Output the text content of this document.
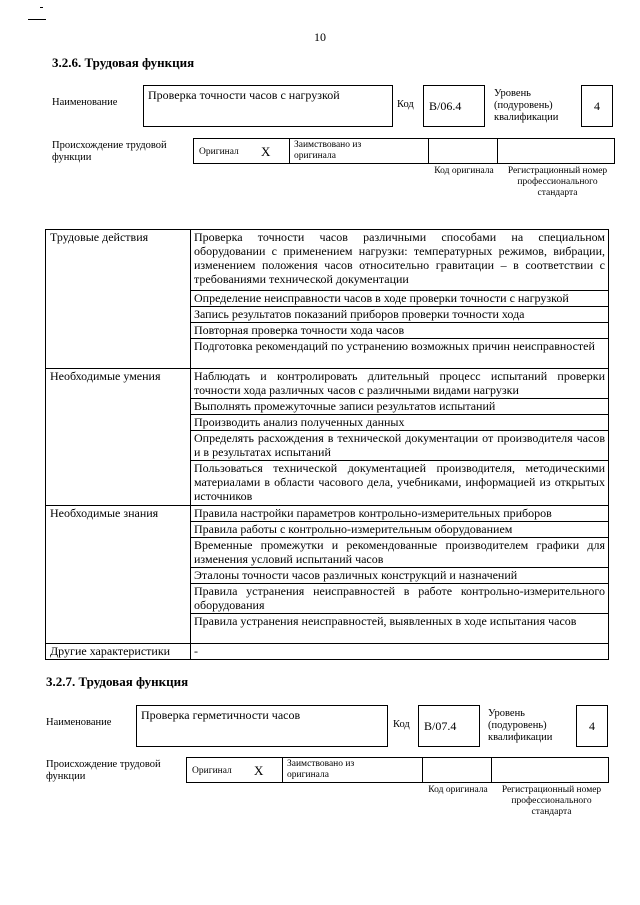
10
3.2.6. Трудовая функция
Наименование
Проверка точности часов с нагрузкой
Код	B/06.4
Уровень (подуровень) квалификации
4
Происхождение трудовой функции	Оригинал X	Заимствовано из оригинала
Код оригинала	Регистрационный номер профессионального стандарта
Трудовые действия	Проверка точности часов различными способами на специальном оборудовании с применением нагрузки: температурных режимов, вибрации, изменением положения часов относительно гравитации – в соответствии с требованиями технической документации
	Определение неисправности часов в ходе проверки точности с нагрузкой
	Запись результатов показаний приборов проверки точности хода
	Повторная проверка точности хода часов
	Подготовка рекомендаций по устранению возможных причин неисправностей
Необходимые умения	Наблюдать и контролировать длительный процесс испытаний проверки точности хода различных часов с различными видами нагрузки
	Выполнять промежуточные записи результатов испытаний
	Производить анализ полученных данных
	Определять расхождения в технической документации от производителя часов и в результатах испытаний
	Пользоваться технической документацией производителя, методическими материалами в области часового дела, учебниками, информацией из открытых источников
Необходимые знания	Правила настройки параметров контрольно-измерительных приборов
	Правила работы с контрольно-измерительным оборудованием
	Временные промежутки и рекомендованные производителем графики для изменения условий испытаний часов
	Эталоны точности часов различных конструкций и назначений
	Правила устранения неисправностей в работе контрольно-измерительного оборудования
	Правила устранения неисправностей, выявленных в ходе испытания часов
Другие характеристики	-
3.2.7. Трудовая функция
Наименование
Проверка герметичности часов
Код	B/07.4
Уровень (подуровень) квалификации
4
Происхождение трудовой функции	Оригинал X	Заимствовано из оригинала
Код оригинала	Регистрационный номер профессионального стандарта
